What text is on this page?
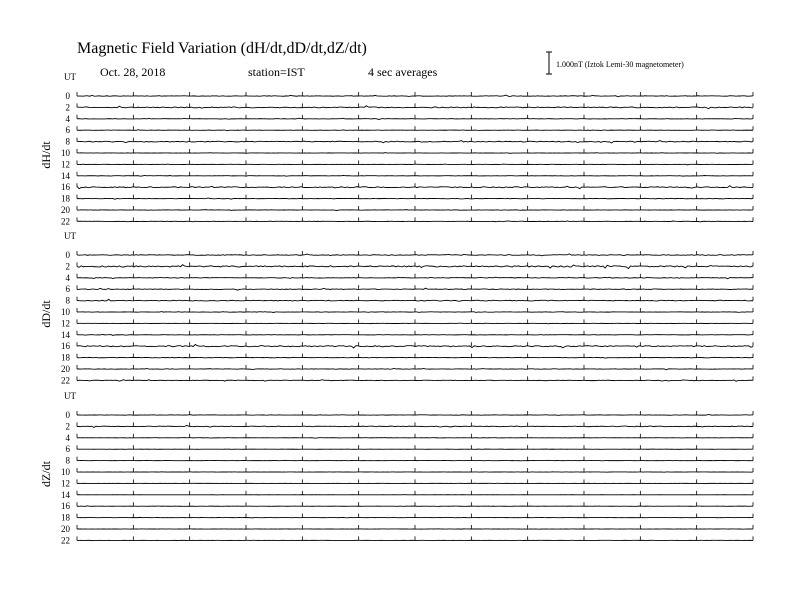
Magnetic Field Variation (dH/dt,dD/dt,dZ/dt)
Oct. 28, 2018	station=IST	4 sec averages
1.000nT (Iztok Lemi-30 magnetometer)
UT
dH/dt
0
2
4
6
8
10
12
14
16
18
20
22
UT
dD/dt
0
2
4
6
8
10
12
14
16
18
20
22
UT
dZ/dt
0
2
4
6
8
10
12
14
16
18
20
22
